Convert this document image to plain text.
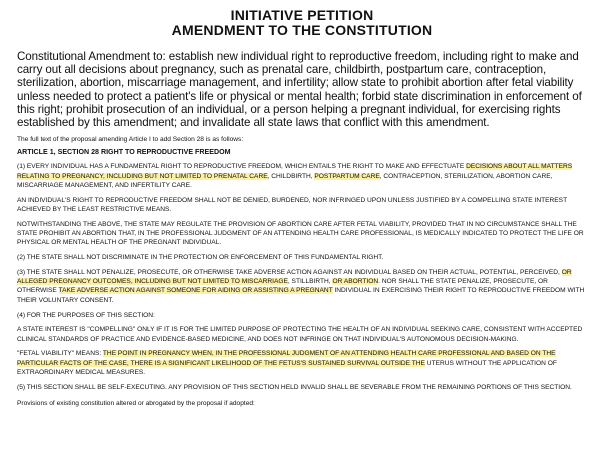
INITIATIVE PETITION
AMENDMENT TO THE CONSTITUTION

Constitutional Amendment to: establish new individual right to reproductive freedom, including right to make and carry out all decisions about pregnancy, such as prenatal care, childbirth, postpartum care, contraception, sterilization, abortion, miscarriage management, and infertility; allow state to prohibit abortion after fetal viability unless needed to protect a patient's life or physical or mental health; forbid state discrimination in enforcement of this right; prohibit prosecution of an individual, or a person helping a pregnant individual, for exercising rights established by this amendment; and invalidate all state laws that conflict with this amendment.

The full text of the proposal amending Article I to add Section 28 is as follows:

ARTICLE 1, SECTION 28 RIGHT TO REPRODUCTIVE FREEDOM

(1) EVERY INDIVIDUAL HAS A FUNDAMENTAL RIGHT TO REPRODUCTIVE FREEDOM, WHICH ENTAILS THE RIGHT TO MAKE AND EFFECTUATE DECISIONS ABOUT ALL MATTERS RELATING TO PREGNANCY, INCLUDING BUT NOT LIMITED TO PRENATAL CARE, CHILDBIRTH, POSTPARTUM CARE, CONTRACEPTION, STERILIZATION, ABORTION CARE, MISCARRIAGE MANAGEMENT, AND INFERTILITY CARE.

AN INDIVIDUAL'S RIGHT TO REPRODUCTIVE FREEDOM SHALL NOT BE DENIED, BURDENED, NOR INFRINGED UPON UNLESS JUSTIFIED BY A COMPELLING STATE INTEREST ACHIEVED BY THE LEAST RESTRICTIVE MEANS.

NOTWITHSTANDING THE ABOVE, THE STATE MAY REGULATE THE PROVISION OF ABORTION CARE AFTER FETAL VIABILITY, PROVIDED THAT IN NO CIRCUMSTANCE SHALL THE STATE PROHIBIT AN ABORTION THAT, IN THE PROFESSIONAL JUDGMENT OF AN ATTENDING HEALTH CARE PROFESSIONAL, IS MEDICALLY INDICATED TO PROTECT THE LIFE OR PHYSICAL OR MENTAL HEALTH OF THE PREGNANT INDIVIDUAL.

(2) THE STATE SHALL NOT DISCRIMINATE IN THE PROTECTION OR ENFORCEMENT OF THIS FUNDAMENTAL RIGHT.

(3) THE STATE SHALL NOT PENALIZE, PROSECUTE, OR OTHERWISE TAKE ADVERSE ACTION AGAINST AN INDIVIDUAL BASED ON THEIR ACTUAL, POTENTIAL, PERCEIVED, OR ALLEGED PREGNANCY OUTCOMES, INCLUDING BUT NOT LIMITED TO MISCARRIAGE, STILLBIRTH, OR ABORTION. NOR SHALL THE STATE PENALIZE, PROSECUTE, OR OTHERWISE TAKE ADVERSE ACTION AGAINST SOMEONE FOR AIDING OR ASSISTING A PREGNANT INDIVIDUAL IN EXERCISING THEIR RIGHT TO REPRODUCTIVE FREEDOM WITH THEIR VOLUNTARY CONSENT.

(4) FOR THE PURPOSES OF THIS SECTION:

A STATE INTEREST IS "COMPELLING" ONLY IF IT IS FOR THE LIMITED PURPOSE OF PROTECTING THE HEALTH OF AN INDIVIDUAL SEEKING CARE, CONSISTENT WITH ACCEPTED CLINICAL STANDARDS OF PRACTICE AND EVIDENCE-BASED MEDICINE, AND DOES NOT INFRINGE ON THAT INDIVIDUAL'S AUTONOMOUS DECISION-MAKING.

"FETAL VIABILITY" MEANS: THE POINT IN PREGNANCY WHEN, IN THE PROFESSIONAL JUDGMENT OF AN ATTENDING HEALTH CARE PROFESSIONAL AND BASED ON THE PARTICULAR FACTS OF THE CASE, THERE IS A SIGNIFICANT LIKELIHOOD OF THE FETUS'S SUSTAINED SURVIVAL OUTSIDE THE UTERUS WITHOUT THE APPLICATION OF EXTRAORDINARY MEDICAL MEASURES.

(5) THIS SECTION SHALL BE SELF-EXECUTING. ANY PROVISION OF THIS SECTION HELD INVALID SHALL BE SEVERABLE FROM THE REMAINING PORTIONS OF THIS SECTION.

Provisions of existing constitution altered or abrogated by the proposal if adopted:
